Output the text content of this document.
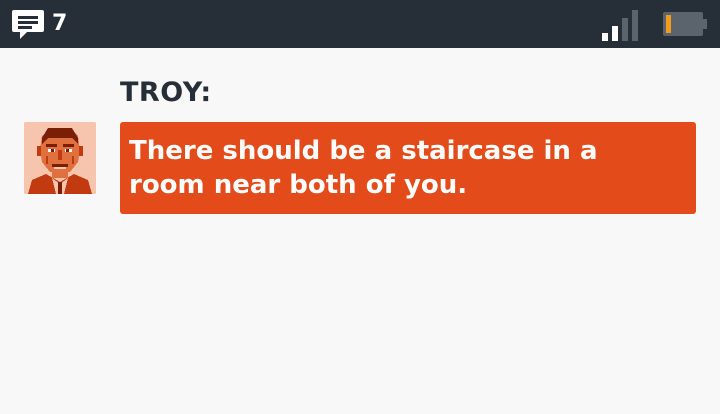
7
TROY:
There should be a staircase in a room near both of you.
